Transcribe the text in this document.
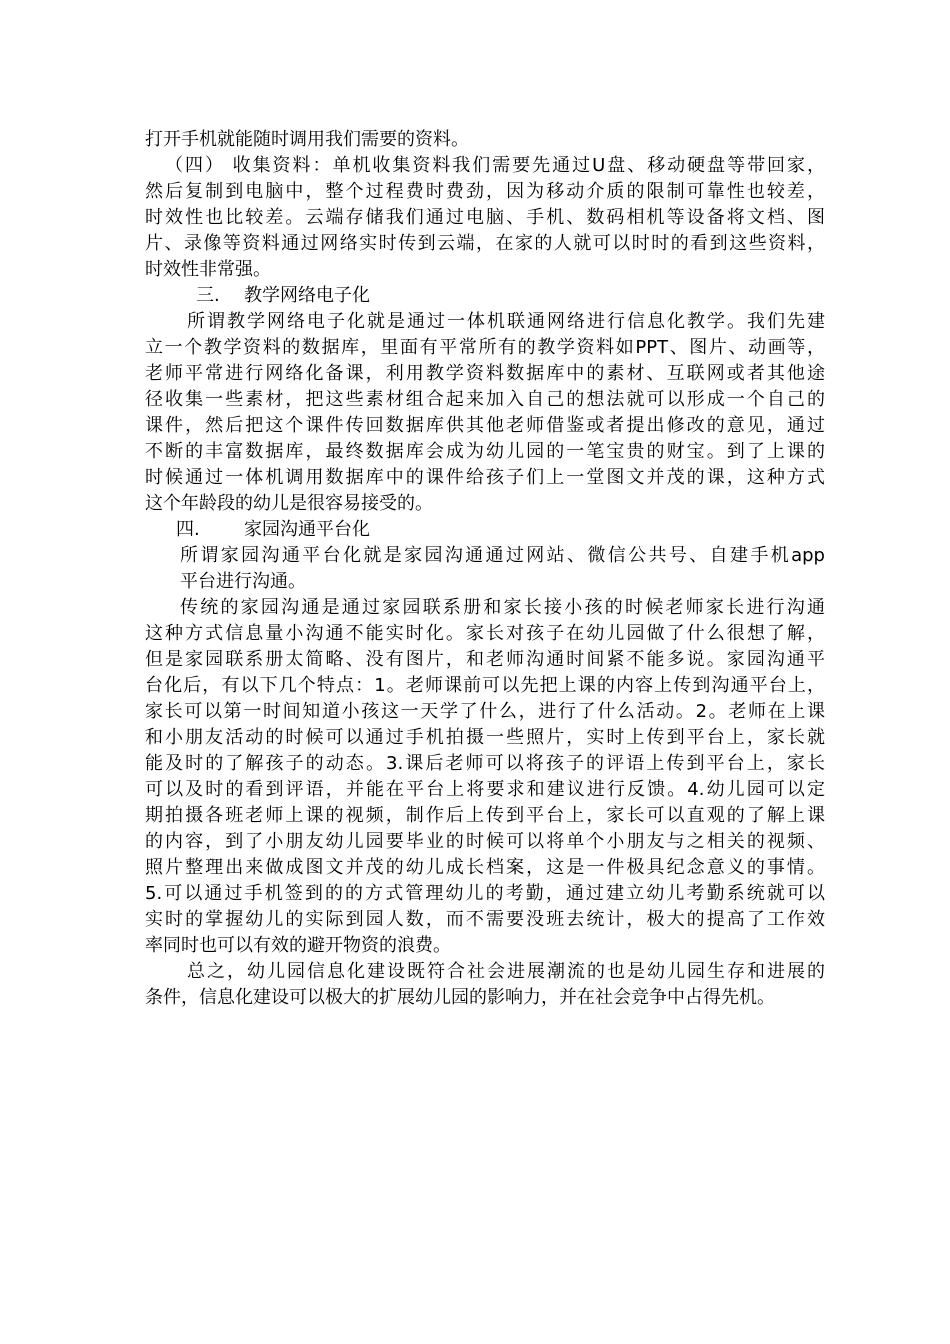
打开手机就能随时调用我们需要的资料。
（四） 收集资料：单机收集资料我们需要先通过U盘、移动硬盘等带回家，
然后复制到电脑中，整个过程费时费劲，因为移动介质的限制可靠性也较差，
时效性也比较差。云端存储我们通过电脑、手机、数码相机等设备将文档、图
片、录像等资料通过网络实时传到云端，在家的人就可以时时的看到这些资料，
时效性非常强。
三. 教学网络电子化
所谓教学网络电子化就是通过一体机联通网络进行信息化教学。我们先建
立一个教学资料的数据库，里面有平常所有的教学资料如PPT、图片、动画等，
老师平常进行网络化备课，利用教学资料数据库中的素材、互联网或者其他途
径收集一些素材，把这些素材组合起来加入自己的想法就可以形成一个自己的
课件，然后把这个课件传回数据库供其他老师借鉴或者提出修改的意见，通过
不断的丰富数据库，最终数据库会成为幼儿园的一笔宝贵的财宝。到了上课的
时候通过一体机调用数据库中的课件给孩子们上一堂图文并茂的课，这种方式
这个年龄段的幼儿是很容易接受的。
四. 家园沟通平台化
所谓家园沟通平台化就是家园沟通通过网站、微信公共号、自建手机app
平台进行沟通。
传统的家园沟通是通过家园联系册和家长接小孩的时候老师家长进行沟通
这种方式信息量小沟通不能实时化。家长对孩子在幼儿园做了什么很想了解，
但是家园联系册太简略、没有图片，和老师沟通时间紧不能多说。家园沟通平
台化后，有以下几个特点：1。老师课前可以先把上课的内容上传到沟通平台上，
家长可以第一时间知道小孩这一天学了什么，进行了什么活动。2。老师在上课
和小朋友活动的时候可以通过手机拍摄一些照片，实时上传到平台上，家长就
能及时的了解孩子的动态。3.课后老师可以将孩子的评语上传到平台上，家长
可以及时的看到评语，并能在平台上将要求和建议进行反馈。4.幼儿园可以定
期拍摄各班老师上课的视频，制作后上传到平台上，家长可以直观的了解上课
的内容，到了小朋友幼儿园要毕业的时候可以将单个小朋友与之相关的视频、
照片整理出来做成图文并茂的幼儿成长档案，这是一件极具纪念意义的事情。
5.可以通过手机签到的的方式管理幼儿的考勤，通过建立幼儿考勤系统就可以
实时的掌握幼儿的实际到园人数，而不需要没班去统计，极大的提高了工作效
率同时也可以有效的避开物资的浪费。
总之，幼儿园信息化建设既符合社会进展潮流的也是幼儿园生存和进展的
条件，信息化建设可以极大的扩展幼儿园的影响力，并在社会竞争中占得先机。
